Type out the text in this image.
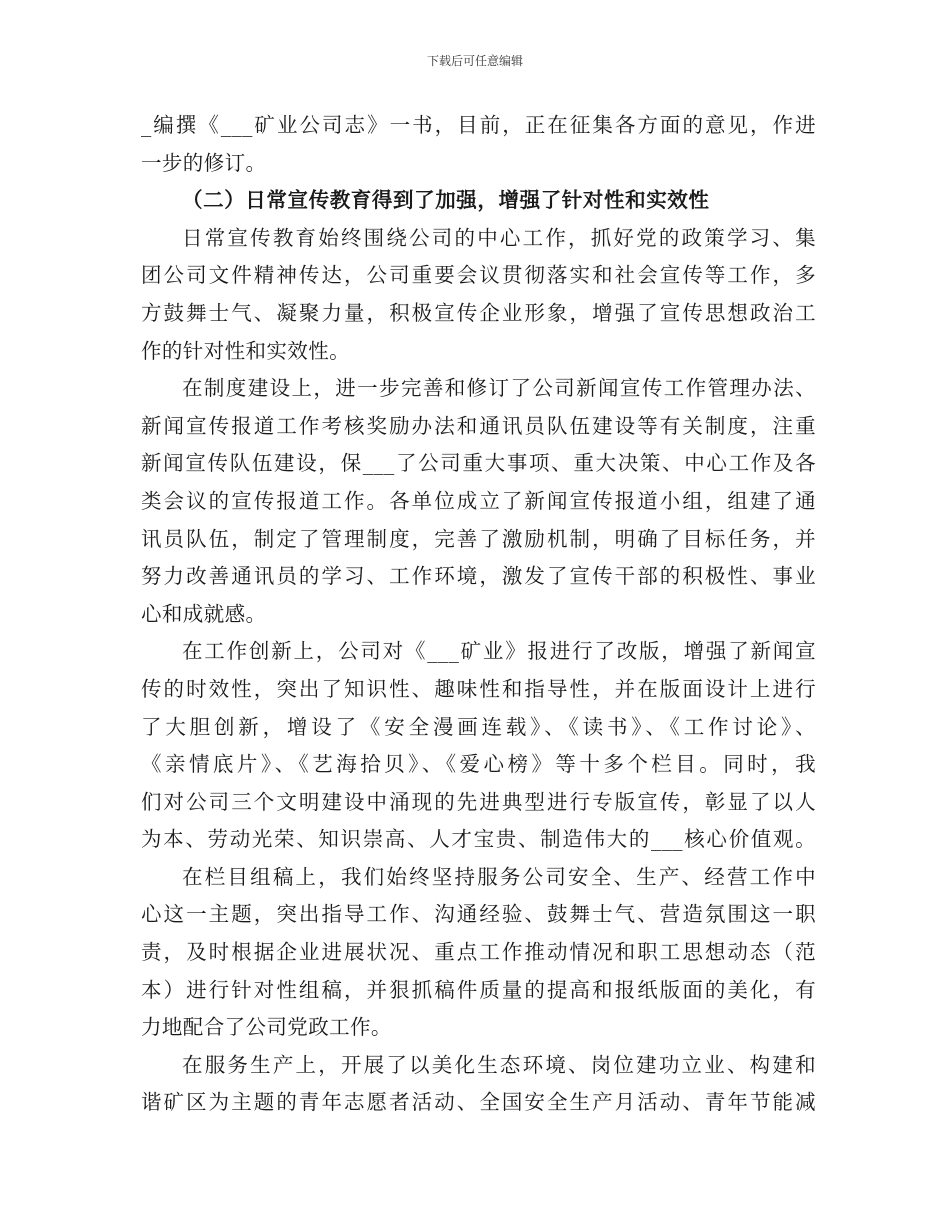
下载后可任意编辑
_编撰《___矿业公司志》一书，目前，正在征集各方面的意见，作进
一步的修订。
（二）日常宣传教育得到了加强，增强了针对性和实效性
日常宣传教育始终围绕公司的中心工作，抓好党的政策学习、集
团公司文件精神传达，公司重要会议贯彻落实和社会宣传等工作，多
方鼓舞士气、凝聚力量，积极宣传企业形象，增强了宣传思想政治工
作的针对性和实效性。
在制度建设上，进一步完善和修订了公司新闻宣传工作管理办法、
新闻宣传报道工作考核奖励办法和通讯员队伍建设等有关制度，注重
新闻宣传队伍建设，保___了公司重大事项、重大决策、中心工作及各
类会议的宣传报道工作。各单位成立了新闻宣传报道小组，组建了通
讯员队伍，制定了管理制度，完善了激励机制，明确了目标任务，并
努力改善通讯员的学习、工作环境，激发了宣传干部的积极性、事业
心和成就感。
在工作创新上，公司对《___矿业》报进行了改版，增强了新闻宣
传的时效性，突出了知识性、趣味性和指导性，并在版面设计上进行
了大胆创新，增设了《安全漫画连载》、《读书》、《工作讨论》、
《亲情底片》、《艺海拾贝》、《爱心榜》等十多个栏目。同时，我
们对公司三个文明建设中涌现的先进典型进行专版宣传，彰显了以人
为本、劳动光荣、知识崇高、人才宝贵、制造伟大的___核心价值观。
在栏目组稿上，我们始终坚持服务公司安全、生产、经营工作中
心这一主题，突出指导工作、沟通经验、鼓舞士气、营造氛围这一职
责，及时根据企业进展状况、重点工作推动情况和职工思想动态（范
本）进行针对性组稿，并狠抓稿件质量的提高和报纸版面的美化，有
力地配合了公司党政工作。
在服务生产上，开展了以美化生态环境、岗位建功立业、构建和
谐矿区为主题的青年志愿者活动、全国安全生产月活动、青年节能减
